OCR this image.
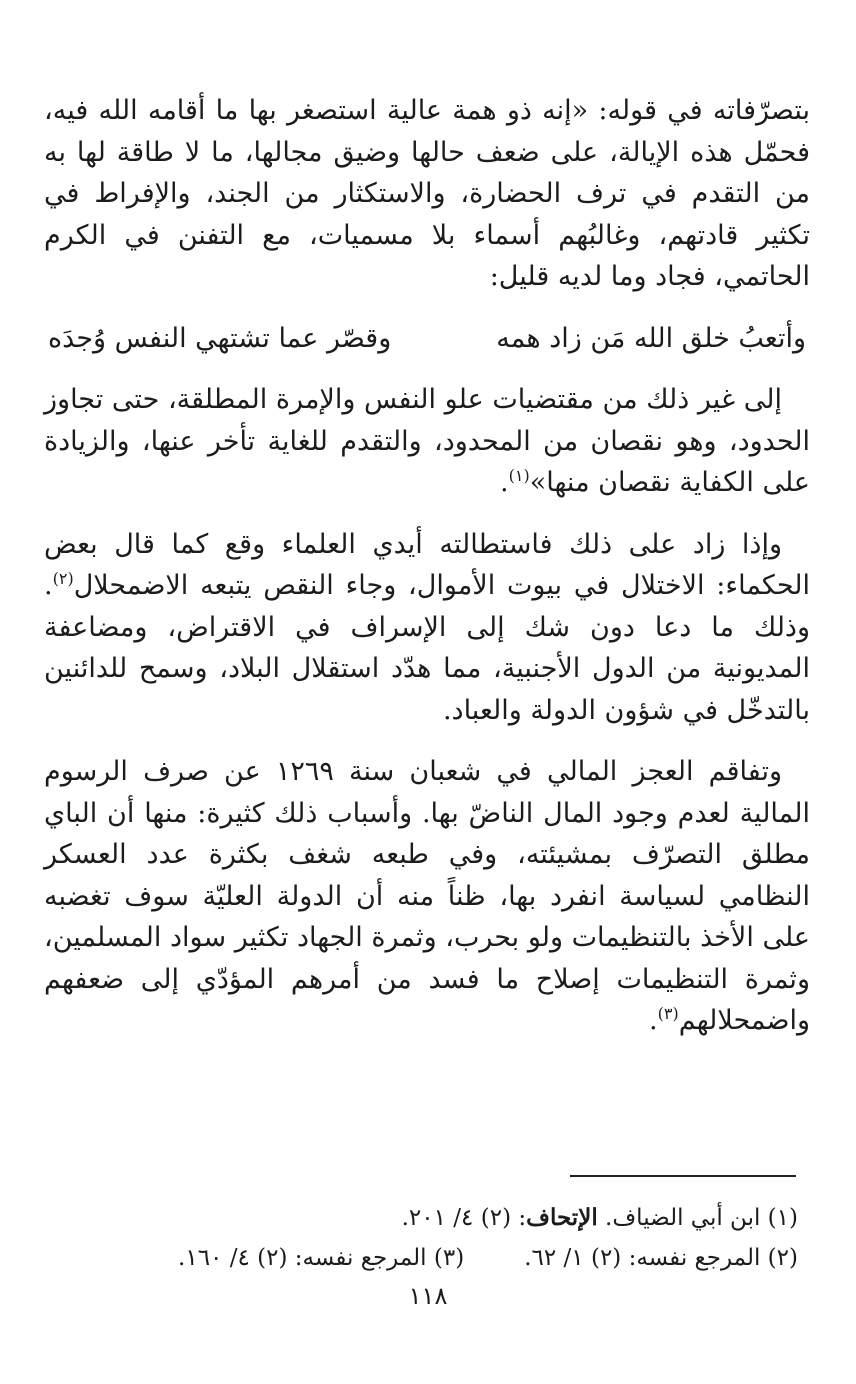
بتصرّفاته في قوله: «إنه ذو همة عالية استصغر بها ما أقامه الله فيه، فحمّل هذه الإيالة، على ضعف حالها وضيق مجالها، ما لا طاقة لها به من التقدم في ترف الحضارة، والاستكثار من الجند، والإفراط في تكثير قادتهم، وغالبُهم أسماء بلا مسميات، مع التفنن في الكرم الحاتمي، فجاد وما لديه قليل:

وأتعبُ خلق الله مَن زاد همه
وقصّر عما تشتهي النفس وُجدَه

إلى غير ذلك من مقتضيات علو النفس والإمرة المطلقة، حتى تجاوز الحدود، وهو نقصان من المحدود، والتقدم للغاية تأخر عنها، والزيادة على الكفاية نقصان منها»$^{(١)}$.

وإذا زاد على ذلك فاستطالته أيدي العلماء وقع كما قال بعض الحكماء: الاختلال في بيوت الأموال، وجاء النقص يتبعه الاضمحلال$^{(٢)}$. وذلك ما دعا دون شك إلى الإسراف في الاقتراض، ومضاعفة المديونية من الدول الأجنبية، مما هدّد استقلال البلاد، وسمح للدائنين بالتدخّل في شؤون الدولة والعباد.

وتفاقم العجز المالي في شعبان سنة ١٢٦٩ عن صرف الرسوم المالية لعدم وجود المال الناضّ بها. وأسباب ذلك كثيرة: منها أن الباي مطلق التصرّف بمشيئته، وفي طبعه شغف بكثرة عدد العسكر النظامي لسياسة انفرد بها، ظناً منه أن الدولة العليّة سوف تغضبه على الأخذ بالتنظيمات ولو بحرب، وثمرة الجهاد تكثير سواد المسلمين، وثمرة التنظيمات إصلاح ما فسد من أمرهم المؤدّي إلى ضعفهم واضمحلالهم$^{(٣)}$.

(١) ابن أبي الضياف. الإتحاف: (٢) ٤/ ٢٠١.
(٢) المرجع نفسه: (٢) ١/ ٦٢.
(٣) المرجع نفسه: (٢) ٤/ ١٦٠.
١١٨
